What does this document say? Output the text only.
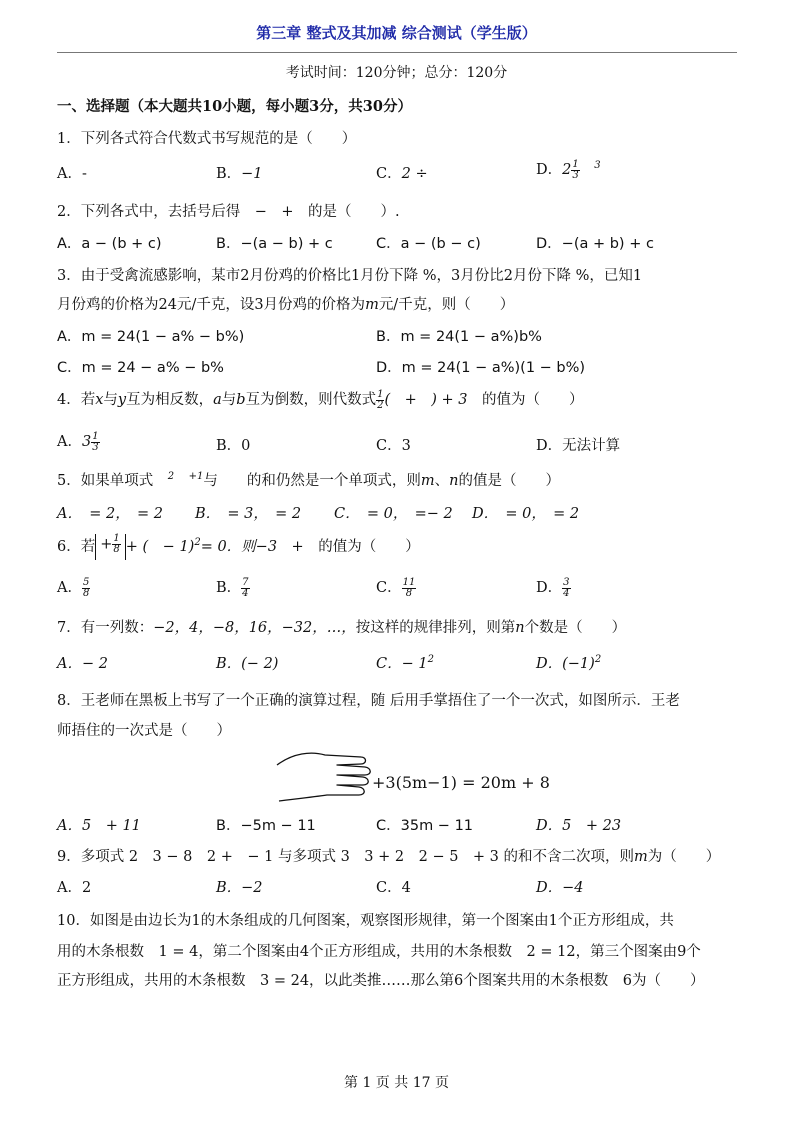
第三章 整式及其加减 综合测试（学生版）
考试时间：120分钟；总分：120分
一、选择题（本大题共10小题，每小题3分，共30分）
1．下列各式符合代数式书写规范的是（　　）
A．-	B．−1	C．2 ÷	D．$2 \frac{1}{3}$
　 $^3$
2．下列各式中，去括号后得　 −　+　 的是（　　）.
A．a − (b + c)	B．−(a − b) + c	C．a − (b − c)	D．−(a + b) + c
3．由于受禽流感影响，某市2月份鸡的价格比1月份下降 %，3月份比2月份下降 %，已知1
月份鸡的价格为24元/千克，设3月份鸡的价格为m元/千克，则（　　）
A．m = 24(1 − a% − b%)	B．m = 24(1 − a%)b%
C．m = 24 − a% − b%	D．m = 24(1 − a%)(1 − b%)
4．若x与y互为相反数，a与b互为倒数，则代数式 $\frac{1}{2}$ (　+　) + 3　 的值为（　　）
A．$3 \frac{1}{3}$	B．0	C．3	D．无法计算
5．如果单项式　 $^2$　 $^{+1}$与　　 的和仍然是一个单项式，则m、n的值是（　　）
A．　= 2，　= 2 B．　= 3，　= 2 C．　= 0，　=− 2 D．　= 0，　= 2
6．若 + $\frac{1}{8}$ + (　− 1)$^2$= 0．则−3　+　 的值为（　　）
A． $\frac{5}{8}$	B． $\frac{7}{4}$	C． $\frac{11}{8}$	D． $\frac{3}{4}$
7．有一列数：−2，4，−8，16，−32，…，按这样的规律排列，则第n个数是（　　）
A．− 2	B．(− 2)	C．− $1^2$	D．$(-1)^2$
8．王老师在黑板上书写了一个正确的演算过程，随 后用手掌捂住了一个一次式，如图所示．王老
师捂住的一次式是（　　）
+3(5m−1) = 20m + 8
A．5　+ 11	B．−5m − 11	C．35m − 11	D．5　+ 23
9．多项式 2　3 − 8　2 +　− 1 与多项式 3　3 + 2　2 − 5　+ 3 的和不含二次项，则m为（　　）
A．2	B．−2	C．4	D．−4
10．如图是由边长为1的木条组成的几何图案，观察图形规律，第一个图案由1个正方形组成，共
用的木条根数　1 = 4，第二个图案由4个正方形组成，共用的木条根数　2 = 12，第三个图案由9个
正方形组成，共用的木条根数　3 = 24，以此类推……那么第6个图案共用的木条根数　6为（　　）
第 1 页 共 17 页
